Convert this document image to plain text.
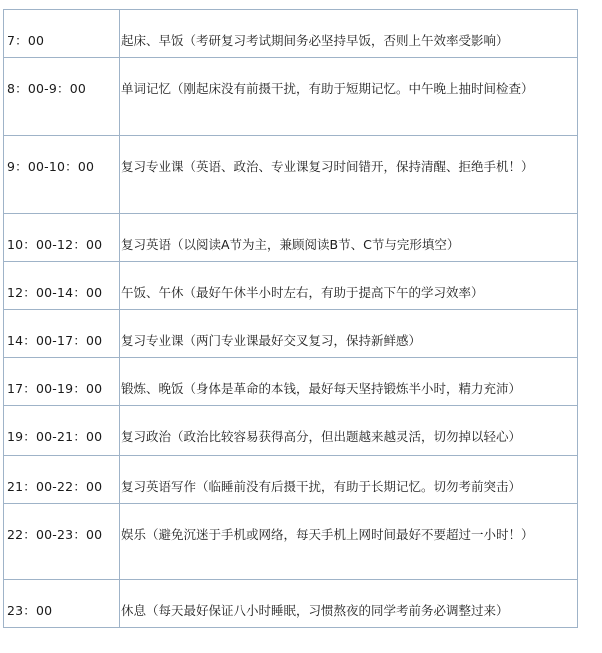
7：00	起床、早饭（考研复习考试期间务必坚持早饭，否则上午效率受影响）
8：00-9：00	单词记忆（刚起床没有前摄干扰，有助于短期记忆。中午晚上抽时间检查）
9：00-10：00	复习专业课（英语、政治、专业课复习时间错开，保持清醒、拒绝手机！）
10：00-12：00	复习英语（以阅读A节为主，兼顾阅读B节、C节与完形填空）
12：00-14：00	午饭、午休（最好午休半小时左右，有助于提高下午的学习效率）
14：00-17：00	复习专业课（两门专业课最好交叉复习，保持新鲜感）
17：00-19：00	锻炼、晚饭（身体是革命的本钱，最好每天坚持锻炼半小时，精力充沛）
19：00-21：00	复习政治（政治比较容易获得高分，但出题越来越灵活，切勿掉以轻心）
21：00-22：00	复习英语写作（临睡前没有后摄干扰，有助于长期记忆。切勿考前突击）
22：00-23：00	娱乐（避免沉迷于手机或网络，每天手机上网时间最好不要超过一小时！）
23：00	休息（每天最好保证八小时睡眠，习惯熬夜的同学考前务必调整过来）
